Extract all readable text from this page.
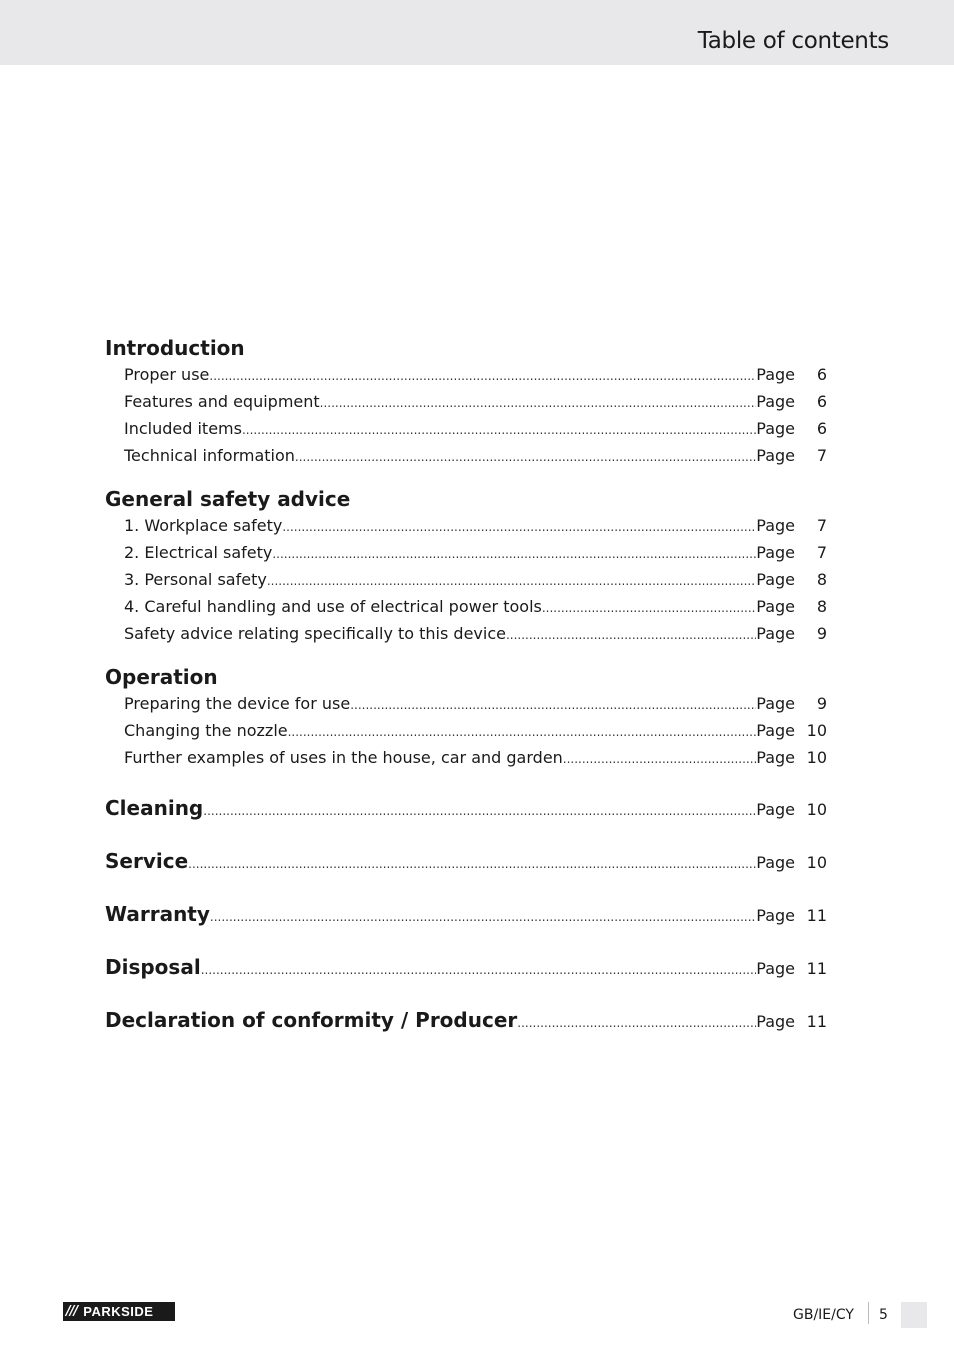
Table of contents
Introduction
Proper use .....	Page	6
Features and equipment .....	Page	6
Included items .....	Page	6
Technical information .....	Page	7
General safety advice
1. Workplace safety .....	Page	7
2. Electrical safety .....	Page	7
3. Personal safety .....	Page	8
4. Careful handling and use of electrical power tools .....	Page	8
Safety advice relating specifically to this device .....	Page	9
Operation
Preparing the device for use .....	Page	9
Changing the nozzle .....	Page 10
Further examples of uses in the house, car and garden .....	Page 10
Cleaning .....	Page 10
Service .....	Page 10
Warranty .....	Page 11
Disposal .....	Page 11
Declaration of conformity / Producer .....	Page 11
/// PARKSIDE	GB/IE/CY 5
